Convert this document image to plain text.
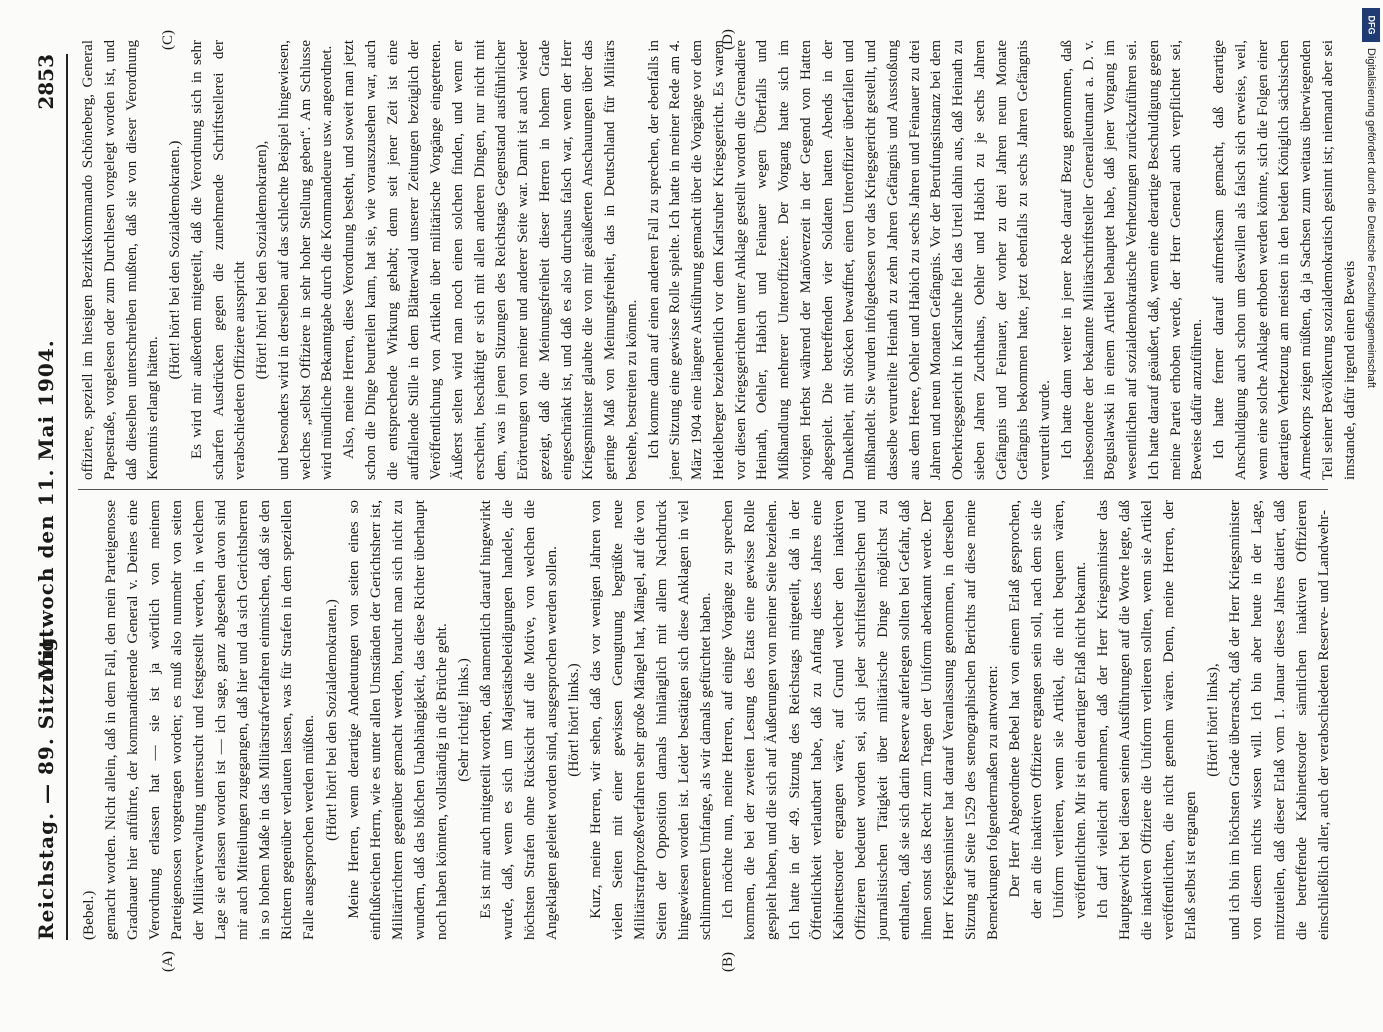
Reichstag. — 89. Sitzung.
Mittwoch den 11. Mai 1904.
2853
(A)	(B)
(C)	(D)

(Bebel.) gemacht worden. Nicht allein, daß in dem Fall, den mein Parteigenosse Gradnauer hier anführte, der kommandierende General v. Deines eine Verordnung erlassen hat — sie ist ja wörtlich von meinem Parteigenossen vorgetragen worden; es muß also nunmehr von seiten der Militärverwaltung untersucht und festgestellt werden, in welchem Lage sie erlassen worden ist — ich sage, ganz abgesehen davon sind mir auch Mitteilungen zugegangen, daß hier und da sich Gerichtsherren in so hohem Maße in das Militärstrafverfahren einmischen, daß sie den Richtern gegenüber verlauten lassen, was für Strafen in dem speziellen Falle ausgesprochen werden müßten. (Hört! hört! bei den Sozialdemokraten.) Meine Herren, wenn derartige Andeutungen von seiten eines so einflußreichen Herrn, wie es unter allen Umständen der Gerichtsherr ist, Militärrichtern gegenüber gemacht werden, braucht man sich nicht zu wundern, daß das bißchen Unabhängigkeit, das diese Richter überhaupt noch haben könnten, vollständig in die Brüche geht. (Sehr richtig! links.) Es ist mir auch mitgeteilt worden, daß namentlich darauf hingewirkt wurde, daß, wenn es sich um Majestätsbeleidigungen handele, die höchsten Strafen ohne Rücksicht auf die Motive, von welchen die Angeklagten geleitet worden sind, ausgesprochen werden sollen. (Hört! hört! links.) Kurz, meine Herren, wir sehen, daß das vor wenigen Jahren von vielen Seiten mit einer gewissen Genugtuung begrüßte neue Militärstrafprozeßverfahren sehr große Mängel hat, Mängel, auf die von Seiten der Opposition damals hinlänglich mit allem Nachdruck hingewiesen worden ist. Leider bestätigen sich diese Anklagen in viel schlimmerem Umfange, als wir damals gefürchtet haben. Ich möchte nun, meine Herren, auf einige Vorgänge zu sprechen kommen, die bei der zweiten Lesung des Etats eine gewisse Rolle gespielt haben, und die sich auf Äußerungen von meiner Seite beziehen. Ich hatte in der 49. Sitzung des Reichstags mitgeteilt, daß in der Öffentlichkeit verlautbart habe, daß zu Anfang dieses Jahres eine Kabinettsorder ergangen wäre, auf Grund welcher den inaktiven Offizieren bedeutet worden sei, sich jeder schriftstellerischen und journalistischen Tätigkeit über militärische Dinge möglichst zu enthalten, daß sie sich darin Reserve auferlegen sollten bei Gefahr, daß ihnen sonst das Recht zum Tragen der Uniform aberkannt werde. Der Herr Kriegsminister hat darauf Veranlassung genommen, in derselben Sitzung auf Seite 1529 des stenographischen Berichts auf diese meine Bemerkungen folgendermaßen zu antworten: Der Herr Abgeordnete Bebel hat von einem Erlaß gesprochen, der an die inaktiven Offiziere ergangen sein soll, nach dem sie die Uniform verlieren, wenn sie Artikel, die nicht bequem wären, veröffentlichten. Mir ist ein derartiger Erlaß nicht bekannt. Ich darf vielleicht annehmen, daß der Herr Kriegsminister das Hauptgewicht bei diesen seinen Ausführungen auf die Worte legte, daß die inaktiven Offiziere die Uniform verlieren sollten, wenn sie Artikel veröffentlichten, die nicht genehm wären. Denn, meine Herren, der Erlaß selbst ist ergangen

(Hört! hört! links), und ich bin im höchsten Grade überrascht, daß der Herr Kriegsminister von diesem nichts wissen will. Ich bin aber heute in der Lage, mitzuteilen, daß dieser Erlaß vom 1. Januar dieses Jahres datiert, daß die betreffende Kabinettsorder sämtlichen inaktiven Offizieren einschließlich aller, auch der verabschiedeten Reserve- und Landwehr-

offiziere, speziell im hiesigen Bezirkskommando Schöneberg, General Papestraße, vorgelesen oder zum Durchlesen vorgelegt worden ist, und daß dieselben unterschreiben mußten, daß sie von dieser Verordnung Kenntnis erlangt hätten.

(Hört! hört! bei den Sozialdemokraten.) Es wird mir außerdem mitgeteilt, daß die Verordnung sich in sehr scharfen Ausdrücken gegen die zunehmende Schriftstellerei der verabschiedeten Offiziere ausspricht (Hört! hört! bei den Sozialdemokraten), und besonders wird in derselben auf das schlechte Beispiel hingewiesen, welches „selbst Offiziere in sehr hoher Stellung geben“. Am Schlusse wird mündliche Bekanntgabe durch die Kommandeure usw. angeordnet. Also, meine Herren, diese Verordnung besteht, und soweit man jetzt schon die Dinge beurteilen kann, hat sie, wie vorauszusehen war, auch die entsprechende Wirkung gehabt; denn seit jener Zeit ist eine auffallende Stille in dem Blätterwald unserer Zeitungen bezüglich der Veröffentlichung von Artikeln über militärische Vorgänge eingetreten. Äußerst selten wird man noch einen solchen finden, und wenn er erscheint, beschäftigt er sich mit allen anderen Dingen, nur nicht mit dem, was in jenen Sitzungen des Reichstags Gegenstand ausführlicher Erörterungen von meiner und anderer Seite war. Damit ist auch wieder gezeigt, daß die Meinungsfreiheit dieser Herren in hohem Grade eingeschränkt ist, und daß es also durchaus falsch war, wenn der Herr Kriegsminister glaubte die von mir geäußerten Anschauungen über das geringe Maß von Meinungsfreiheit, das in Deutschland für Militärs bestehe, bestreiten zu können. Ich komme dann auf einen anderen Fall zu sprechen, der ebenfalls in jener Sitzung eine gewisse Rolle spielte. Ich hatte in meiner Rede am 4. März 1904 eine längere Ausführung gemacht über die Vorgänge vor dem Heidelberger beziehentlich vor dem Karlsruher Kriegsgericht. Es waren vor diesen Kriegsgerichten unter Anklage gestellt worden die Grenadiere Heinath, Oehler, Habich und Feinauer wegen Überfalls und Mißhandlung mehrerer Unteroffiziere. Der Vorgang hatte sich im vorigen Herbst während der Manöverzeit in der Gegend von Hatten abgespielt. Die betreffenden vier Soldaten hatten Abends in der Dunkelheit, mit Stöcken bewaffnet, einen Unteroffizier überfallen und mißhandelt. Sie wurden infolgedessen vor das Kriegsgericht gestellt, und dasselbe verurteilte Heinath zu zehn Jahren Gefängnis und Ausstoßung aus dem Heere, Oehler und Habich zu sechs Jahren und Feinauer zu drei Jahren und neun Monaten Gefängnis. Vor der Berufungsinstanz bei dem Oberkriegsgericht in Karlsruhe fiel das Urteil dahin aus, daß Heinath zu sieben Jahren Zuchthaus, Oehler und Habich zu je sechs Jahren Gefängnis und Feinauer, der vorher zu drei Jahren neun Monate Gefängnis bekommen hatte, jetzt ebenfalls zu sechs Jahren Gefängnis verurteilt wurde. Ich hatte dann weiter in jener Rede darauf Bezug genommen, daß insbesondere der bekannte Militärschriftsteller Generalleutnant a. D. v. Boguslawski in einem Artikel behauptet habe, daß jener Vorgang im wesentlichen auf sozialdemokratische Verhetzungen zurückzuführen sei. Ich hatte darauf geäußert, daß, wenn eine derartige Beschuldigung gegen meine Partei erhoben werde, der Herr General auch verpflichtet sei, Beweise dafür anzuführen. Ich hatte ferner darauf aufmerksam gemacht, daß derartige Anschuldigung auch schon um deswillen als falsch sich erweise, weil, wenn eine solche Anklage erhoben werden könnte, sich die Folgen einer derartigen Verhetzung am meisten in den beiden Königlich sächsischen Armeekorps zeigen müßten, da ja Sachsen zum weitaus überwiegenden Teil seiner Bevölkerung sozialdemokratisch gesinnt ist; niemand aber sei imstande, dafür irgend einen Beweis

DFG
Digitalisierung gefördert durch die Deutsche Forschungsgemeinschaft
